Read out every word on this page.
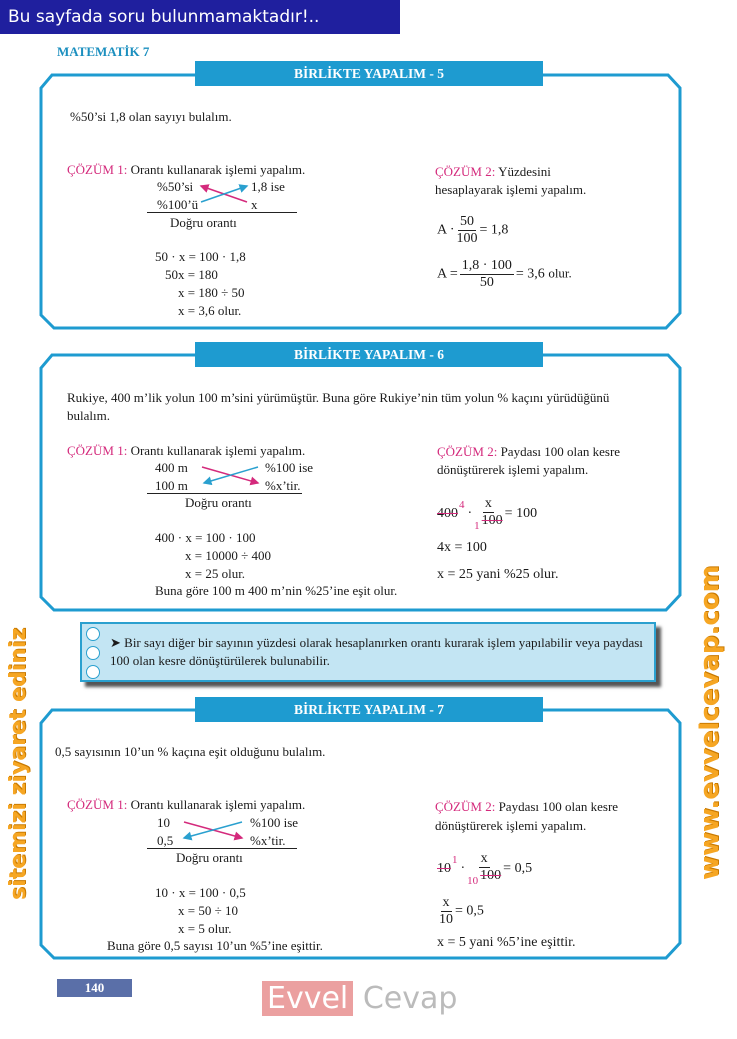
Bu sayfada soru bulunmamaktadır!..
MATEMATİK 7
BİRLİKTE YAPALIM - 5
%50’si 1,8 olan sayıyı bulalım.
ÇÖZÜM 1: Orantı kullanarak işlemi yapalım.
%50’si	1,8 ise
%100’ü	x
Doğru orantı
50 · x = 100 · 1,8
50x = 180
x = 180 ÷ 50
x = 3,6 olur.
ÇÖZÜM 2: Yüzdesini
hesaplayarak işlemi yapalım.
$A \cdot \frac{50}{100} = 1,8$
$A = \frac{1,8 \cdot 100}{50} = 3,6$ olur.
BİRLİKTE YAPALIM - 6
Rukiye, 400 m’lik yolun 100 m’sini yürümüştür. Buna göre Rukiye’nin tüm yolun % kaçını yürüdüğünü
bulalım.
ÇÖZÜM 1: Orantı kullanarak işlemi yapalım.
400 m	%100 ise
100 m	%x’tir.
Doğru orantı
400 · x = 100 · 100
x = 10000 ÷ 400
x = 25 olur.
Buna göre 100 m 400 m’nin %25’ine eşit olur.
ÇÖZÜM 2: Paydası 100 olan kesre
dönüştürerek işlemi yapalım.
$400^4\cdot \frac{x}{_1 100} = 100$
4x = 100
x = 25 yani %25 olur.
➤ Bir sayı diğer bir sayının yüzdesi olarak hesaplanırken orantı kurarak işlem yapılabilir veya paydası 100 olan kesre dönüştürülerek bulunabilir.
BİRLİKTE YAPALIM - 7
0,5 sayısının 10’un % kaçına eşit olduğunu bulalım.
ÇÖZÜM 1: Orantı kullanarak işlemi yapalım.
10	%100 ise
0,5	%x’tir.
Doğru orantı
10 · x = 100 · 0,5
x = 50 ÷ 10
x = 5 olur.
Buna göre 0,5 sayısı 10’un %5’ine eşittir.
ÇÖZÜM 2: Paydası 100 olan kesre
dönüştürerek işlemi yapalım.
$10^1\cdot \frac{x}{_{10} 100} = 0,5$
$\frac{x}{10} = 0,5$
x = 5 yani %5’ine eşittir.
140	Evvel Cevap
www.evvelcevap.com
sitemizi ziyaret ediniz
